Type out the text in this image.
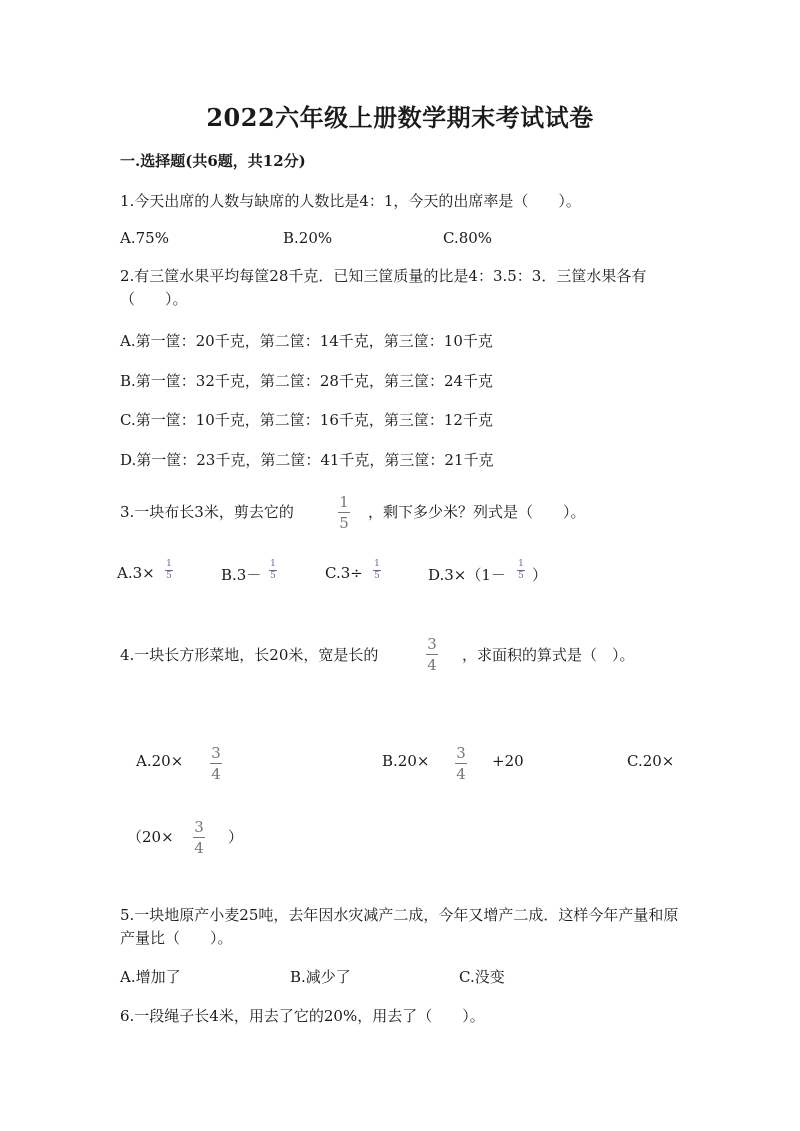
2022六年级上册数学期末考试试卷
一.选择题(共6题，共12分)
1.今天出席的人数与缺席的人数比是4：1，今天的出席率是（　　）。
A.75%	B.20%	C.80%
2.有三筐水果平均每筐28千克．已知三筐质量的比是4：3.5：3．三筐水果各有（　　）。
A.第一筐：20千克，第二筐：14千克，第三筐：10千克
B.第一筐：32千克，第二筐：28千克，第三筐：24千克
C.第一筐：10千克，第二筐：16千克，第三筐：12千克
D.第一筐：23千克，第二筐：41千克，第三筐：21千克
3.一块布长3米，剪去它的
1
5
，剩下多少米？列式是（　　）。
A.3× 1
5	B.3－
1
5	C.3÷ 1
5	D.3×（1－
1
5 ）
4.一块长方形菜地，长20米，宽是长的
3
4
，求面积的算式是（　）。
A.20× 3
4
B.20× 3
4
+20	C.20×
（20×
3
4
）
5.一块地原产小麦25吨，去年因水灾减产二成，今年又增产二成．这样今年产量和原产量比（　　）。
A.增加了	B.减少了	C.没变
6.一段绳子长4米，用去了它的20%，用去了（　　）。
